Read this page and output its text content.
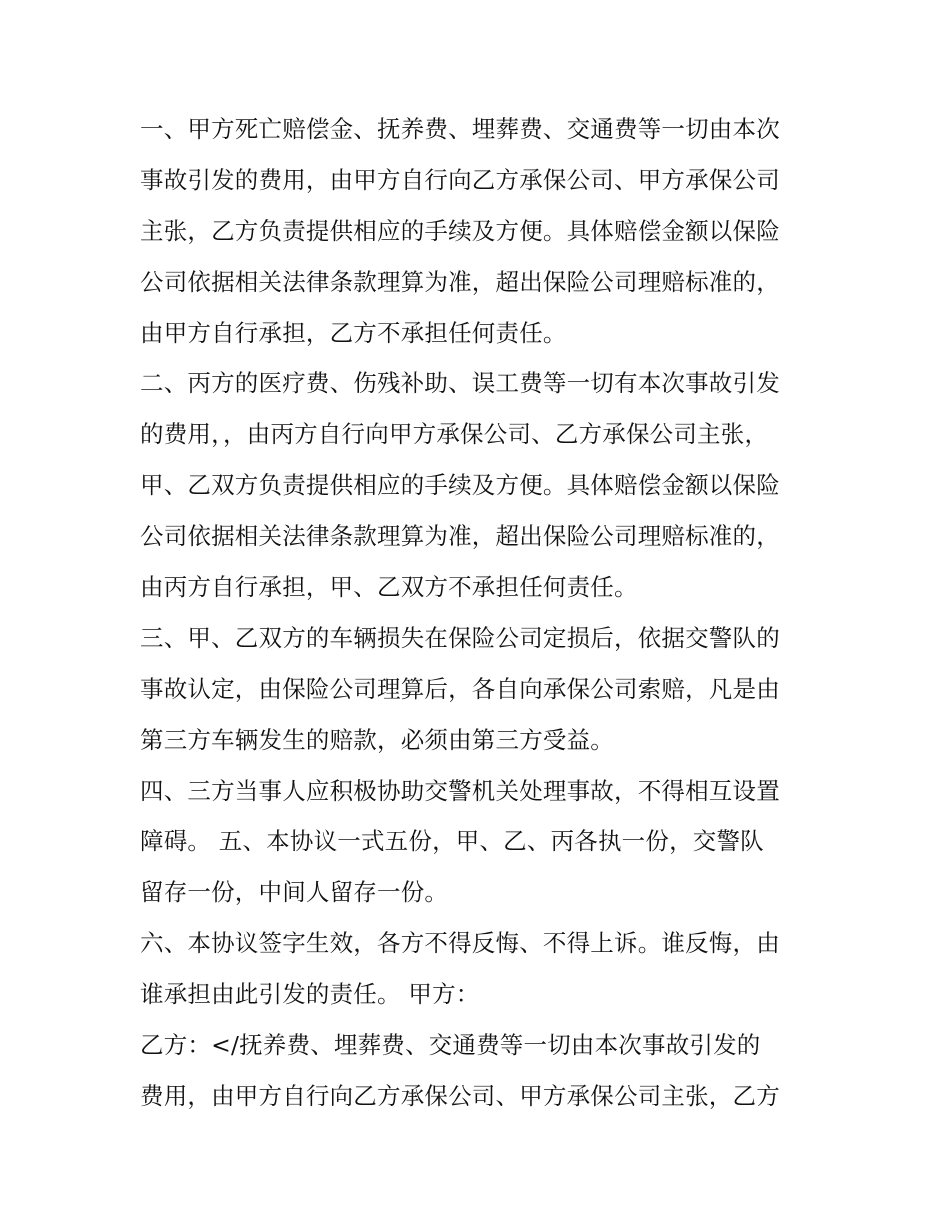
一、甲方死亡赔偿金、抚养费、埋葬费、交通费等一切由本次
事故引发的费用，由甲方自行向乙方承保公司、甲方承保公司
主张，乙方负责提供相应的手续及方便。具体赔偿金额以保险
公司依据相关法律条款理算为准，超出保险公司理赔标准的，
由甲方自行承担，乙方不承担任何责任。
二、丙方的医疗费、伤残补助、误工费等一切有本次事故引发
的费用，，由丙方自行向甲方承保公司、乙方承保公司主张，
甲、乙双方负责提供相应的手续及方便。具体赔偿金额以保险
公司依据相关法律条款理算为准，超出保险公司理赔标准的，
由丙方自行承担，甲、乙双方不承担任何责任。
三、甲、乙双方的车辆损失在保险公司定损后，依据交警队的
事故认定，由保险公司理算后，各自向承保公司索赔，凡是由
第三方车辆发生的赔款，必须由第三方受益。
四、三方当事人应积极协助交警机关处理事故，不得相互设置
障碍。 五、本协议一式五份，甲、乙、丙各执一份，交警队
留存一份，中间人留存一份。
六、本协议签字生效，各方不得反悔、不得上诉。谁反悔，由
谁承担由此引发的责任。 甲方：
乙方：</抚养费、埋葬费、交通费等一切由本次事故引发的
费用，由甲方自行向乙方承保公司、甲方承保公司主张，乙方
